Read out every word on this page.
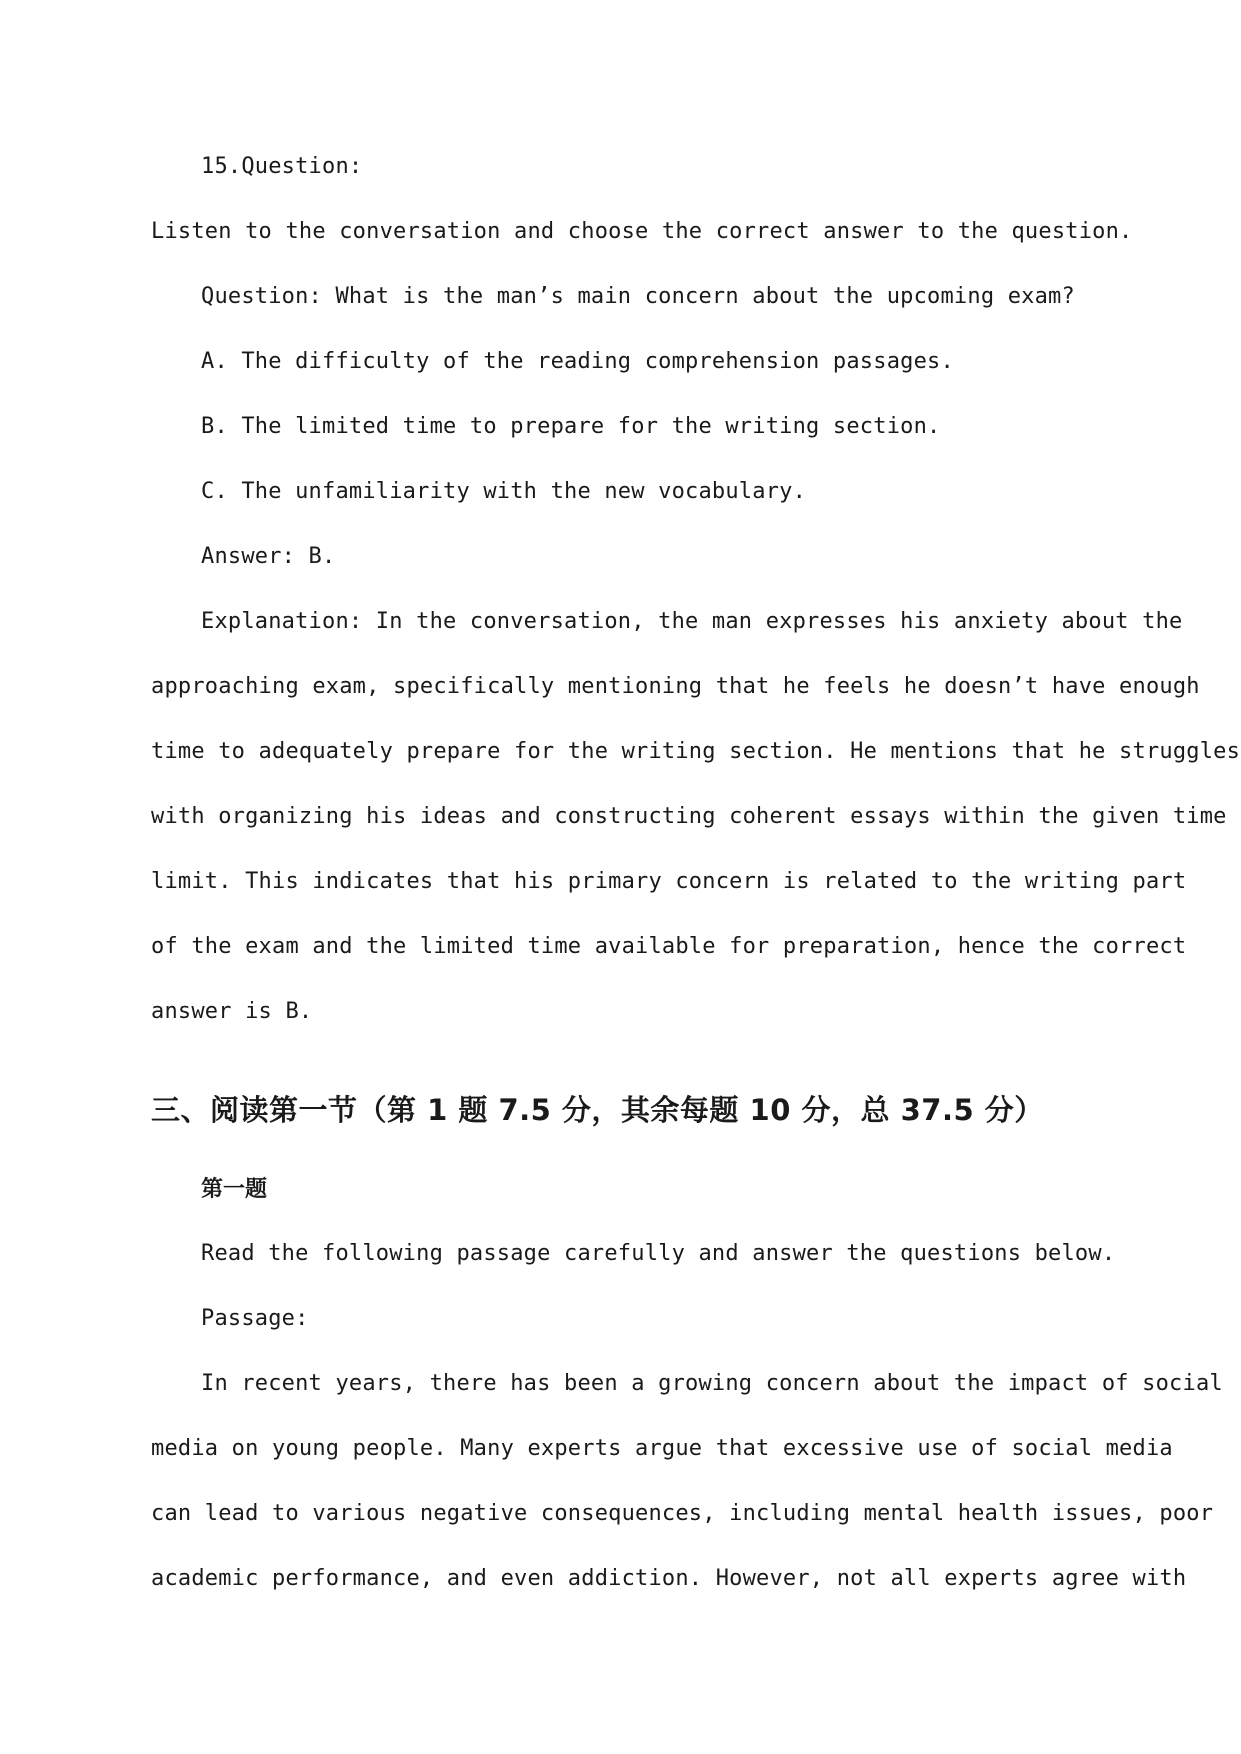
15.Question:
Listen to the conversation and choose the correct answer to the question.
Question: What is the man’s main concern about the upcoming exam?
A. The difficulty of the reading comprehension passages.
B. The limited time to prepare for the writing section.
C. The unfamiliarity with the new vocabulary.
Answer: B.
Explanation: In the conversation, the man expresses his anxiety about the
approaching exam, specifically mentioning that he feels he doesn’t have enough
time to adequately prepare for the writing section. He mentions that he struggles
with organizing his ideas and constructing coherent essays within the given time
limit. This indicates that his primary concern is related to the writing part
of the exam and the limited time available for preparation, hence the correct
answer is B.
三、阅读第一节（第 1 题 7.5 分，其余每题 10 分，总 37.5 分）
第一题
Read the following passage carefully and answer the questions below.
Passage:
In recent years, there has been a growing concern about the impact of social
media on young people. Many experts argue that excessive use of social media
can lead to various negative consequences, including mental health issues, poor
academic performance, and even addiction. However, not all experts agree with
